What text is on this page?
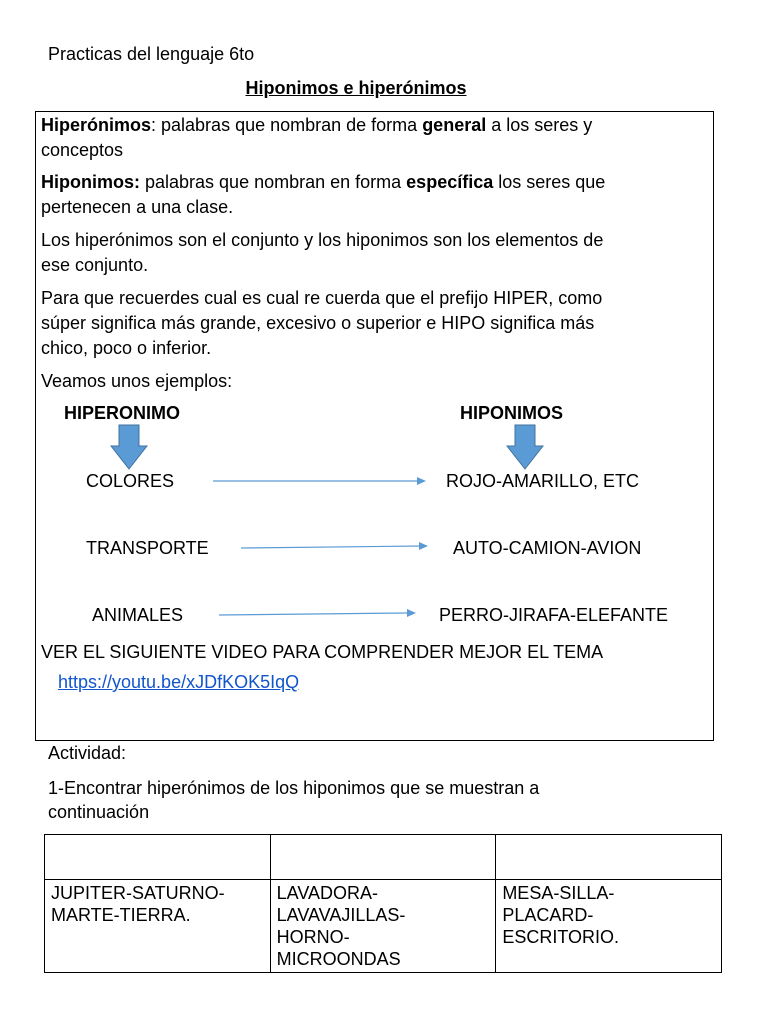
Practicas del lenguaje 6to
Hiponimos e hiperónimos
Hiperónimos: palabras que nombran de forma general a los seres y
conceptos
Hiponimos: palabras que nombran en forma específica los seres que
pertenecen a una clase.
Los hiperónimos son el conjunto y los hiponimos son los elementos de
ese conjunto.
Para que recuerdes cual es cual re cuerda que el prefijo HIPER, como
súper significa más grande, excesivo o superior e HIPO significa más
chico, poco o inferior.
Veamos unos ejemplos:
HIPERONIMO	HIPONIMOS
COLORES	ROJO-AMARILLO, ETC
TRANSPORTE	AUTO-CAMION-AVION
ANIMALES	PERRO-JIRAFA-ELEFANTE
VER EL SIGUIENTE VIDEO PARA COMPRENDER MEJOR EL TEMA
https://youtu.be/xJDfKOK5IqQ
Actividad:
1-Encontrar hiperónimos de los hiponimos que se muestran a
continuación

JUPITER-SATURNO-
MARTE-TIERRA.	LAVADORA-
LAVAVAJILLAS-
HORNO-
MICROONDAS	MESA-SILLA-
PLACARD-
ESCRITORIO.
